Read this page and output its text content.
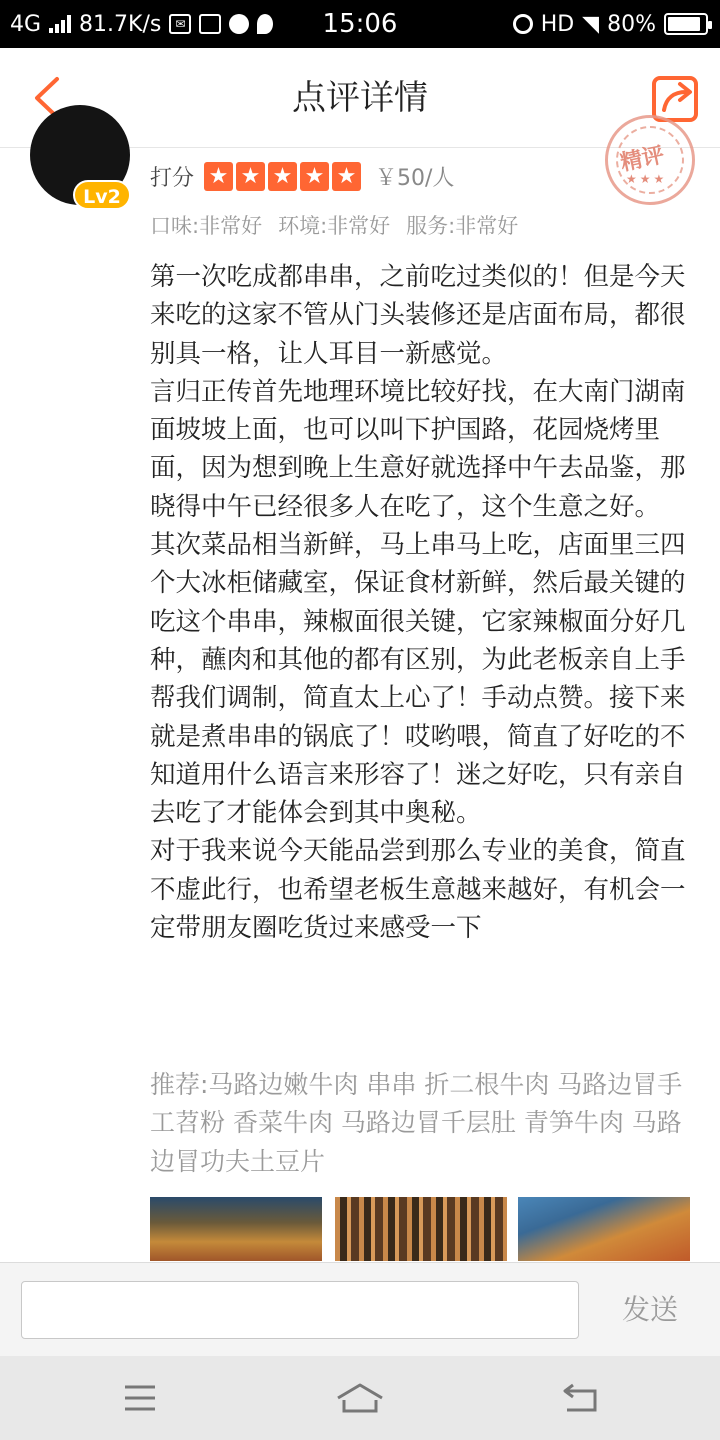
4G 81.7K/s	✉	15:06	HD ◥ 80%
点评详情
Lv2
打分 ★ ★ ★ ★ ★ ￥50/人
精评
★★★
口味:非常好 环境:非常好 服务:非常好

第一次吃成都串串，之前吃过类似的！但是今天来吃的这家不管从门头装修还是店面布局，都很别具一格，让人耳目一新感觉。

言归正传首先地理环境比较好找，在大南门湖南面坡坡上面，也可以叫下护国路，花园烧烤里面，因为想到晚上生意好就选择中午去品鉴，那晓得中午已经很多人在吃了，这个生意之好。

其次菜品相当新鲜，马上串马上吃，店面里三四个大冰柜储藏室，保证食材新鲜，然后最关键的吃这个串串，辣椒面很关键，它家辣椒面分好几种，蘸肉和其他的都有区别，为此老板亲自上手帮我们调制，简直太上心了！手动点赞。接下来就是煮串串的锅底了！哎哟喂，简直了好吃的不知道用什么语言来形容了！迷之好吃，只有亲自去吃了才能体会到其中奥秘。

对于我来说今天能品尝到那么专业的美食，简直不虚此行，也希望老板生意越来越好，有机会一定带朋友圈吃货过来感受一下

推荐:马路边嫩牛肉 串串 折二根牛肉 马路边冒手工苕粉 香菜牛肉 马路边冒千层肚 青笋牛肉 马路边冒功夫土豆片
发送
